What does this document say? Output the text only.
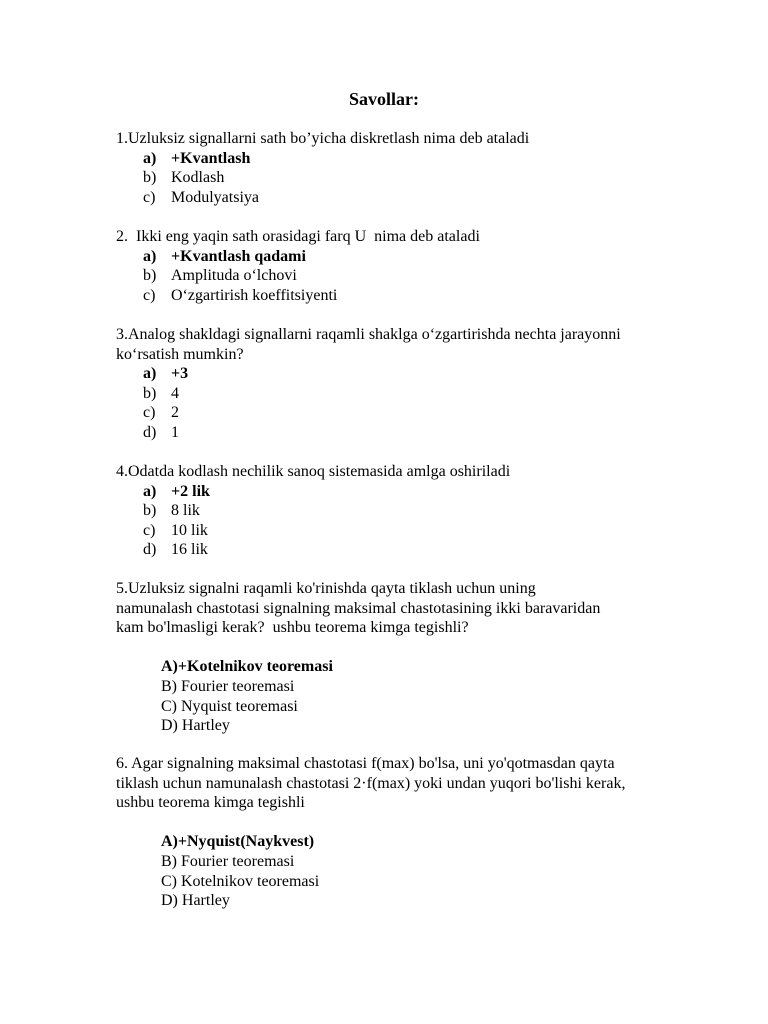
Savollar:

1.Uzluksiz signallarni sath bo’yicha diskretlash nima deb ataladi

a) +Kvantlash
b) Kodlash
c) Modulyatsiya

2.  Ikki eng yaqin sath orasidagi farq U  nima deb ataladi

a) +Kvantlash qadami
b) Amplituda o‘lchovi
c) O‘zgartirish koeffitsiyenti

3.Analog shakldagi signallarni raqamli shaklga o‘zgartirishda nechta jarayonni ko‘rsatish mumkin?

a) +3
b) 4
c) 2
d) 1

4.Odatda kodlash nechilik sanoq sistemasida amlga oshiriladi

a) +2 lik
b) 8 lik
c) 10 lik
d) 16 lik

5.Uzluksiz signalni raqamli ko'rinishda qayta tiklash uchun uning namunalash chastotasi signalning maksimal chastotasining ikki baravaridan kam bo'lmasligi kerak?  ushbu teorema kimga tegishli?

A)+Kotelnikov teoremasi
B) Fourier teoremasi
C) Nyquist teoremasi
D) Hartley

6. Agar signalning maksimal chastotasi f(max) bo'lsa, uni yo'qotmasdan qayta tiklash uchun namunalash chastotasi 2·f(max) yoki undan yuqori bo'lishi kerak, ushbu teorema kimga tegishli

A)+Nyquist(Naykvest)
B) Fourier teoremasi
C) Kotelnikov teoremasi
D) Hartley
